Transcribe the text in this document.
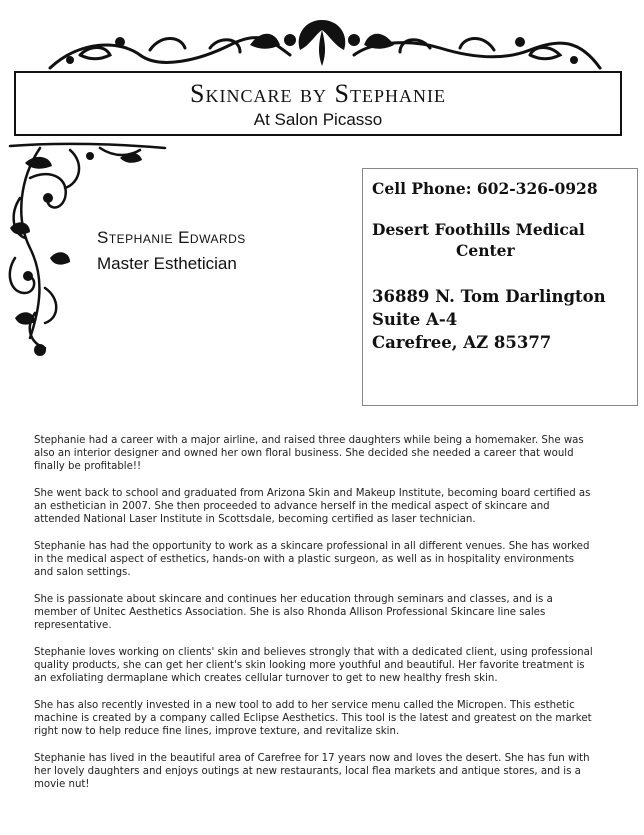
Skincare by Stephanie
At Salon Picasso
Stephanie Edwards
Master Esthetician
Cell Phone: 602-326-0928
Desert Foothills Medical
Center
36889 N. Tom Darlington
Suite A-4
Carefree, AZ 85377

Stephanie had a career with a major airline, and raised three daughters while being a homemaker. She was also an interior designer and owned her own floral business. She decided she needed a career that would finally be profitable!!

She went back to school and graduated from Arizona Skin and Makeup Institute, becoming board certified as an esthetician in 2007. She then proceeded to advance herself in the medical aspect of skincare and attended National Laser Institute in Scottsdale, becoming certified as laser technician.

Stephanie has had the opportunity to work as a skincare professional in all different venues. She has worked in the medical aspect of esthetics, hands-on with a plastic surgeon, as well as in hospitality environments and salon settings.

She is passionate about skincare and continues her education through seminars and classes, and is a member of Unitec Aesthetics Association. She is also Rhonda Allison Professional Skincare line sales representative.

Stephanie loves working on clients' skin and believes strongly that with a dedicated client, using professional quality products, she can get her client's skin looking more youthful and beautiful. Her favorite treatment is an exfoliating dermaplane which creates cellular turnover to get to new healthy fresh skin.

She has also recently invested in a new tool to add to her service menu called the Micropen. This esthetic machine is created by a company called Eclipse Aesthetics. This tool is the latest and greatest on the market right now to help reduce fine lines, improve texture, and revitalize skin.

Stephanie has lived in the beautiful area of Carefree for 17 years now and loves the desert. She has fun with her lovely daughters and enjoys outings at new restaurants, local flea markets and antique stores, and is a movie nut!
